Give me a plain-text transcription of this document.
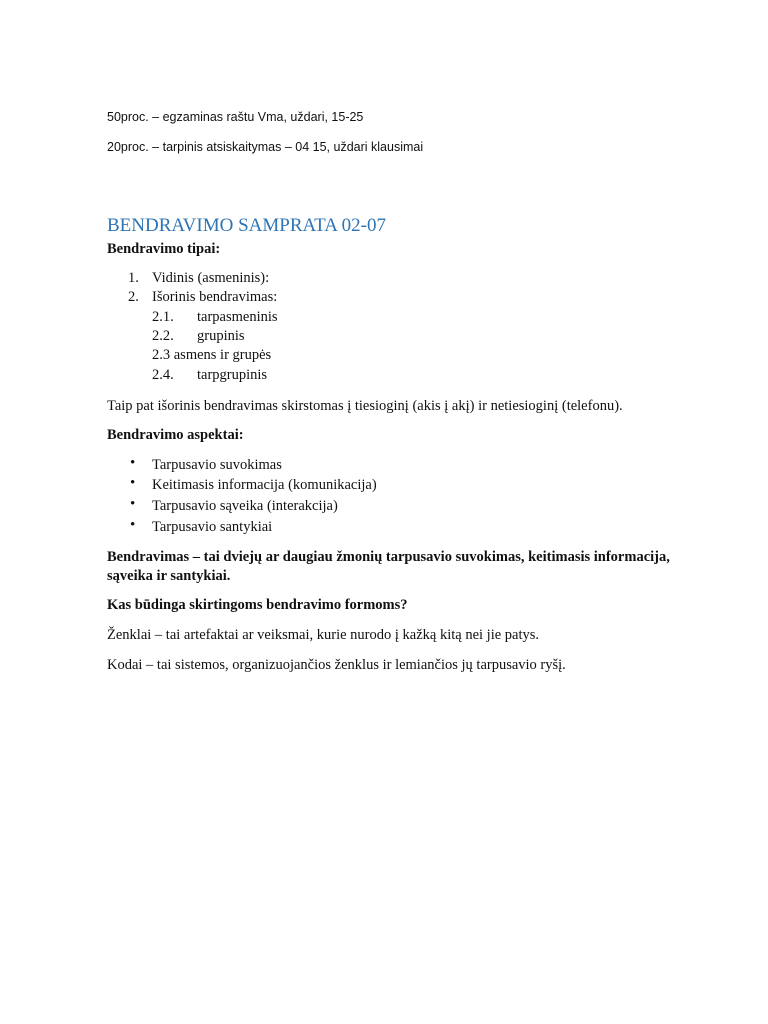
50proc. – egzaminas raštu Vma, uždari, 15-25
20proc. – tarpinis atsiskaitymas – 04 15, uždari klausimai
BENDRAVIMO SAMPRATA 02-07
Bendravimo tipai:
1. Vidinis (asmeninis):
2. Išorinis bendravimas:
2.1. tarpasmeninis
2.2. grupinis
2.3 asmens ir grupės
2.4. tarpgrupinis
Taip pat išorinis bendravimas skirstomas į tiesioginį (akis į akį) ir netiesioginį (telefonu).
Bendravimo aspektai:
• Tarpusavio suvokimas
• Keitimasis informacija (komunikacija)
• Tarpusavio sąveika (interakcija)
• Tarpusavio santykiai
Bendravimas – tai dviejų ar daugiau žmonių tarpusavio suvokimas, keitimasis informacija, sąveika ir santykiai.
Kas būdinga skirtingoms bendravimo formoms?
Ženklai – tai artefaktai ar veiksmai, kurie nurodo į kažką kitą nei jie patys.
Kodai – tai sistemos, organizuojančios ženklus ir lemiančios jų tarpusavio ryšį.
